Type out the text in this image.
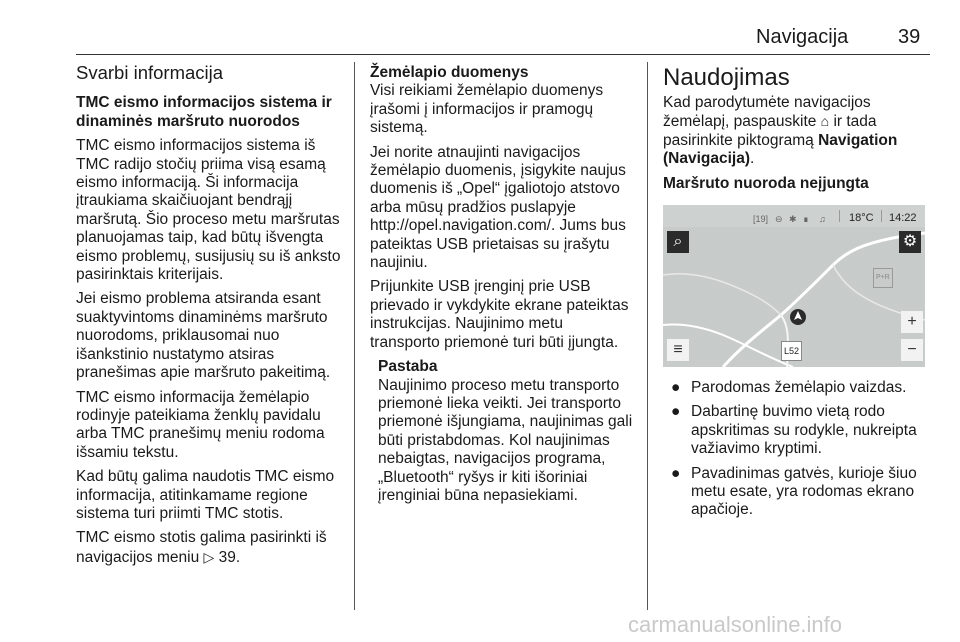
Navigacija 39
Svarbi informacija

TMC eismo informacijos sistema ir dinaminės maršruto nuorodos

TMC eismo informacijos sistema iš TMC radijo stočių priima visą esamą eismo informaciją. Ši informacija įtraukiama skaičiuojant bendrąjį maršrutą. Šio proceso metu maršrutas planuojamas taip, kad būtų išvengta eismo problemų, susijusių su iš anksto pasirinktais kriterijais.

Jei eismo problema atsiranda esant suaktyvintoms dinaminėms maršruto nuorodoms, priklausomai nuo išankstinio nustatymo atsiras pranešimas apie maršruto pakeitimą.

TMC eismo informacija žemėlapio rodinyje pateikiama ženklų pavidalu arba TMC pranešimų meniu rodoma išsamiu tekstu.

Kad būtų galima naudotis TMC eismo informacija, atitinkamame regione sistema turi priimti TMC stotis.

TMC eismo stotis galima pasirinkti iš navigacijos meniu ▷ 39.

Žemėlapio duomenys

Visi reikiami žemėlapio duomenys įrašomi į informacijos ir pramogų sistemą.

Jei norite atnaujinti navigacijos žemėlapio duomenis, įsigykite naujus duomenis iš „Opel“ įgaliotojo atstovo arba mūsų pradžios puslapyje http://opel.navigation.com/. Jums bus pateiktas USB prietaisas su įrašytu naujiniu.

Prijunkite USB įrenginį prie USB prievado ir vykdykite ekrane pateiktas instrukcijas. Naujinimo metu transporto priemonė turi būti įjungta.

Pastaba

Naujinimo proceso metu transporto priemonė lieka veikti. Jei transporto priemonė išjungiama, naujinimas gali būti pristabdomas. Kol naujinimas nebaigtas, navigacijos programa, „Bluetooth“ ryšys ir kiti išoriniai įrenginiai būna nepasiekiami.

Naudojimas

Kad parodytumėte navigacijos žemėlapį, paspauskite ⌂ ir tada pasirinkite piktogramą Navigation (Navigacija).

Maršruto nuoroda neįjungta

[19] ⊖ ✱ ∎ ♫ 18°C 14:22
⌕	⚙
P+R
L52
+
−
≡
● Parodomas žemėlapio vaizdas.
● Dabartinę buvimo vietą rodo apskritimas su rodykle, nukreipta važiavimo kryptimi.
● Pavadinimas gatvės, kurioje šiuo metu esate, yra rodomas ekrano apačioje.
carmanualsonline.info
